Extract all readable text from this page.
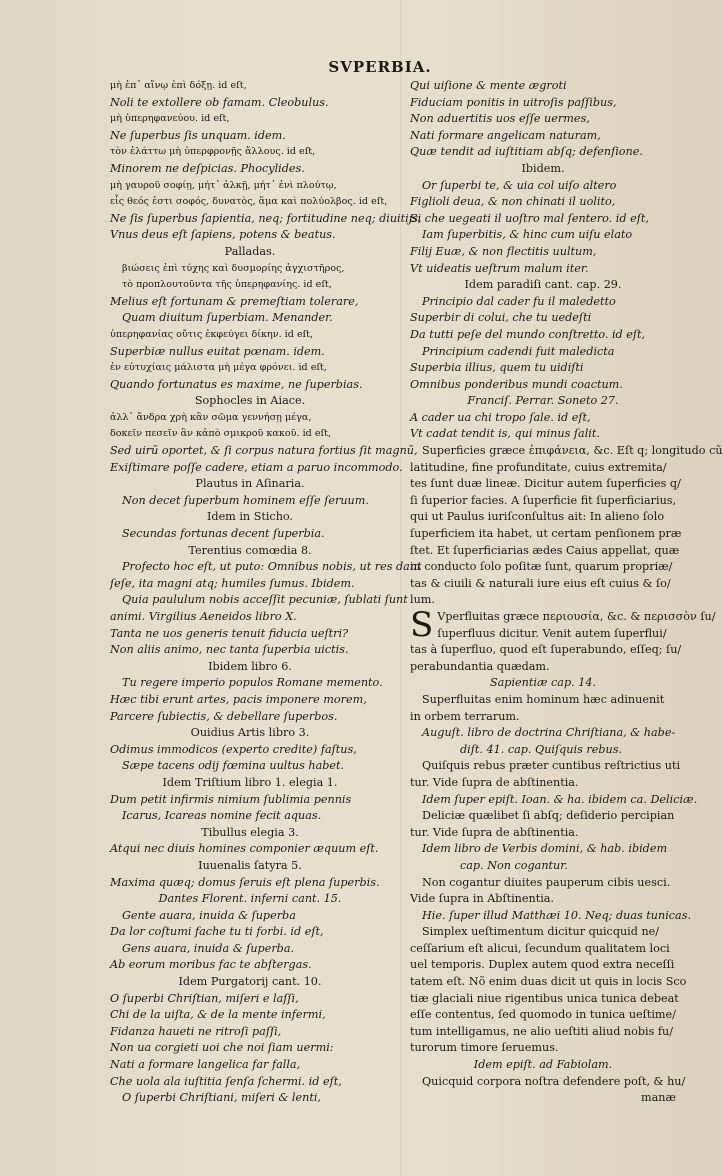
SVPERBIA.
μὴ ἐπ᾽ αἴνῳ ἐπὶ δόξῃ. id eſt,
Noli te extollere ob famam. Cleobulus.
μὴ ὑπερηφανεύου. id eſt,
Ne ſuperbus ſis unquam. idem.
τὸν ἐλάττω μὴ ὑπερφρονῇς ἄλλους. id eſt,
Minorem ne deſpicias. Phocylides.
μὴ γαυροῦ σοφίῃ, μήτ᾽ ἀλκῇ, μήτ᾽ ἐνὶ πλούτῳ,
εἷς θεός ἐστι σοφός, δυνατὸς, ἅμα καὶ πολύολβος. id eſt,
Ne ſis ſuperbus ſapientia, neq; fortitudine neq; diuitijs,
Vnus deus eſt ſapiens, potens & beatus.
Palladas.
βιώσεις ἐπὶ τύχης καὶ δυσμορίης ἀγχιστῆρος,
τὸ προπλουτοῦντα τῆς ὑπερηφανίης. id eſt,
Melius eſt fortunam & premeſtiam tolerare,
Quam diuitum ſuperbiam. Menander.
ὑπερηφανίας οὔτις ἐκφεύγει δίκην. id eſt,
Superbiæ nullus euitat pœnam. idem.
ἐν εὐτυχίαις μάλιστα μὴ μέγα φρόνει. id eſt,
Quando fortunatus es maxime, ne ſuperbias.
Sophocles in Aiace.
ἀλλ᾽ ἄνδρα χρὴ κἂν σῶμα γεννήσῃ μέγα,
δοκεῖν πεσεῖν ἂν κἀπὸ σμικροῦ κακοῦ. id eſt,
Sed uirũ oportet, & ſi corpus natura fortius ſit magnũ,
Exiſtimare poſſe cadere, etiam a paruo incommodo.
Plautus in Aſinaria.
Non decet ſuperbum hominem eſſe ſeruum.
Idem in Sticho.
Secundas fortunas decent ſuperbia.
Terentius comœdia 8.
Profecto hoc eſt, ut puto: Omnibus nobis, ut res dant
ſeſe, ita magni atq; humiles ſumus. Ibidem.
Quia paululum nobis acceſſit pecuniæ, ſublati ſunt
animi. Virgilius Aeneidos libro X.
Tanta ne uos generis tenuit fiducia ueſtri?
Non aliis animo, nec tanta ſuperbia uictis.
Ibidem libro 6.
Tu regere imperio populos Romane memento.
Hæc tibi erunt artes, pacis imponere morem,
Parcere ſubiectis, & debellare ſuperbos.
Ouidius Artis libro 3.
Odimus immodicos (experto credite) faſtus,
Sæpe tacens odij fœmina uultus habet.
Idem Triſtium libro 1. elegia 1.
Dum petit infirmis nimium ſublimia pennis
Icarus, Icareas nomine fecit aquas.
Tibullus elegia 3.
Atqui nec diuis homines componier æquum eſt.
Iuuenalis ſatyra 5.
Maxima quæq; domus ſeruis eſt plena ſuperbis.
Dantes Florent. inferni cant. 15.
Gente auara, inuida & ſuperba
Da lor coſtumi fache tu ti forbi. id eſt,
Gens auara, inuida & ſuperba.
Ab eorum moribus fac te abſtergas.
Idem Purgatorij cant. 10.
O ſuperbi Chriſtian, miſeri e laſſi,
Chi de la uiſta, & de la mente infermi,
Fidanza haueti ne ritroſi paſſi,
Non ua corgieti uoi che noi ſiam uermi:
Nati a formare langelica far falla,
Che uola ala iuſtitia ſenſa ſchermi. id eſt,
O ſuperbi Chriſtiani, miſeri & lenti,
Qui uiſione & mente ægroti
Fiduciam ponitis in uitroſis paſſibus,
Non aduertitis uos eſſe uermes,
Nati formare angelicam naturam,
Quæ tendit ad iuſtitiam abſq; defenſione.
Ibidem.
Or ſuperbi te, & uia col uiſo altero
Figlioli deua, & non chinati il uolito,
Si che uegeati il uoſtro mal ſentero. id eſt,
Iam ſuperbitis, & hinc cum uiſu elato
Filij Euæ, & non flectitis uultum,
Vt uideatis ueſtrum malum iter.
Idem paradiſi cant. cap. 29.
Principio dal cader fu il maledetto
Superbir di colui, che tu uedeſti
Da tutti peſe del mundo conſtretto. id eſt,
Principium cadendi fuit maledicta
Superbia illius, quem tu uidiſti
Omnibus ponderibus mundi coactum.
Franciſ. Perrar. Soneto 27.
A cader ua chi tropo ſale. id eſt,
Vt cadat tendit is, qui minus ſalit.
Superficies græce ἐπιφάνεια, &c. Eſt q; longitudo cũ
latitudine, fine profunditate, cuius extremita/
tes ſunt duæ lineæ. Dicitur autem ſuperficies q/
ſi ſuperior facies. A ſuperficie fit ſuperficiarius,
qui ut Paulus iuriſconſultus ait: In alieno ſolo
ſuperficiem ita habet, ut certam penſionem præ
ſtet. Et ſuperficiarias ædes Caius appellat, quæ
in conducto ſolo poſitæ ſunt, quarum propriæ/
tas & ciuili & naturali iure eius eſt cuius & ſo/
lum.
S Vperfluitas græce περιουσία, &c. & περισσὸν ſu/
ſuperfluus dicitur. Venit autem ſuperflui/
tas à ſuperfluo, quod eſt ſuperabundo, eſſeq; ſu/
perabundantia quædam.
Sapientiæ cap. 14.
Superfluitas enim hominum hæc adinuenit
in orbem terrarum.
Auguſt. libro de doctrina Chriſtiana, & habe-
diſt. 41. cap. Quiſquis rebus.
Quiſquis rebus præter cuntibus reſtrictius uti
tur. Vide ſupra de abſtinentia.
Idem ſuper epiſt. Ioan. & ha. ibidem ca. Deliciæ.
Deliciæ quælibet ſi abſq; deſiderio percipian
tur. Vide ſupra de abſtinentia.
Idem libro de Verbis domini, & hab. ibidem
cap. Non cogantur.
Non cogantur diuites pauperum cibis uesci.
Vide ſupra in Abſtinentia.
Hie. ſuper illud Matthæi 10. Neq; duas tunicas.
Simplex ueſtimentum dicitur quicquid ne/
ceſſarium eſt alicui, ſecundum qualitatem loci
uel temporis. Duplex autem quod extra neceſſi
tatem eſt. Nõ enim duas dicit ut quis in locis Sco
tiæ glaciali niue rigentibus unica tunica debeat
eſſe contentus, ſed quomodo in tunica ueſtime/
tum intelligamus, ne alio ueſtiti aliud nobis fu/
turorum timore ſeruemus.
Idem epiſt. ad Fabiolam.
Quicquid corpora noſtra defendere poſt, & hu/
manæ
